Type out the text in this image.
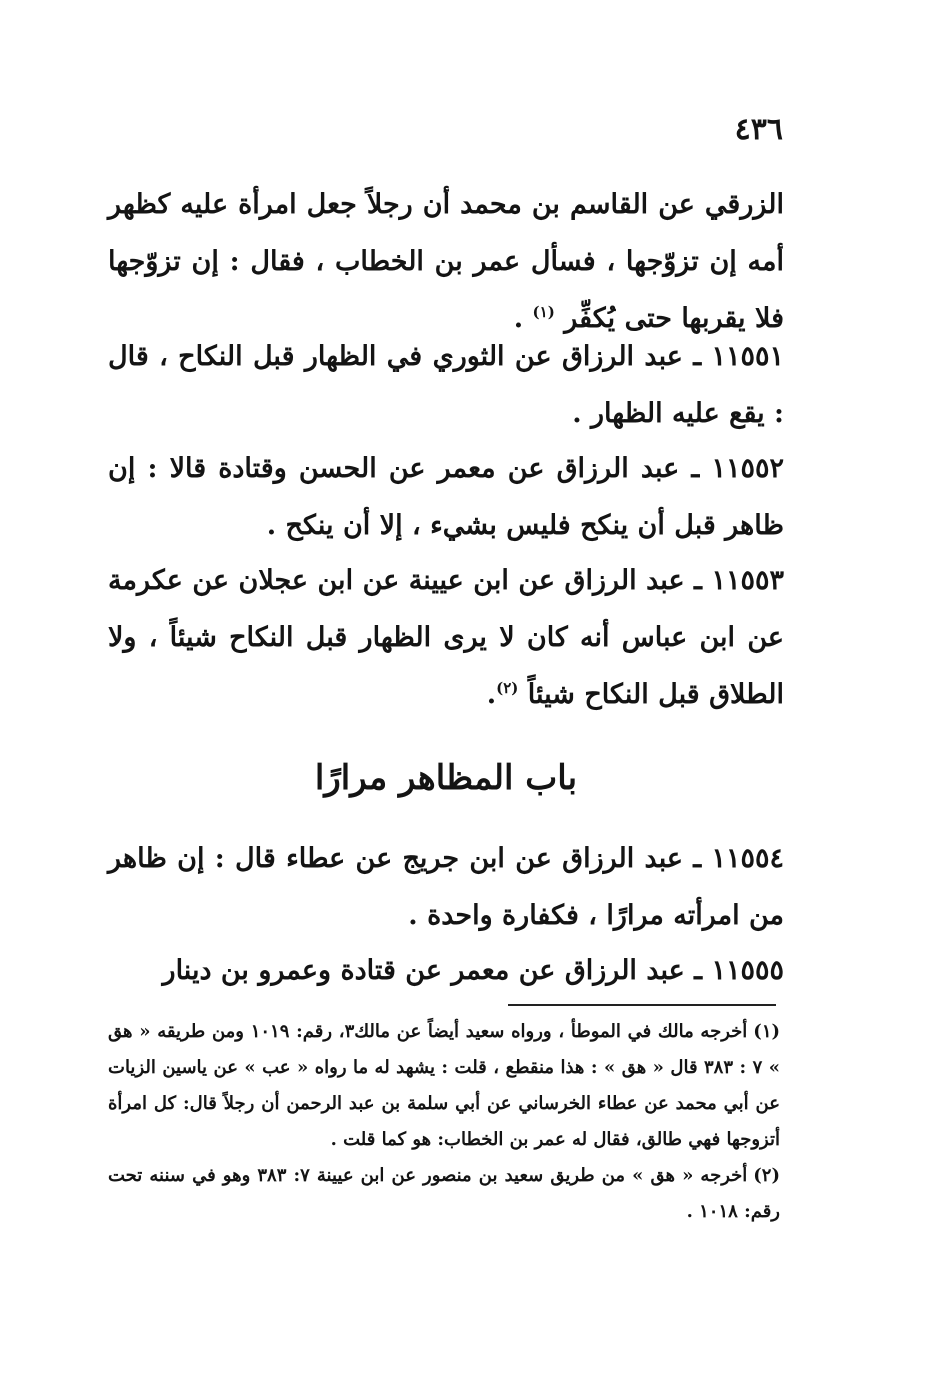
٤٣٦

الزرقي عن القاسم بن محمد أن رجلاً جعل امرأة عليه كظهر أمه إن تزوّجها ، فسأل عمر بن الخطاب ، فقال : إن تزوّجها فلا يقربها حتى يُكفِّر $^{(١)}$ .

١١٥٥١ ـ عبد الرزاق عن الثوري في الظهار قبل النكاح ، قال : يقع عليه الظهار .

١١٥٥٢ ـ عبد الرزاق عن معمر عن الحسن وقتادة قالا : إن ظاهر قبل أن ينكح فليس بشيء ، إلا أن ينكح .

١١٥٥٣ ـ عبد الرزاق عن ابن عيينة عن ابن عجلان عن عكرمة عن ابن عباس أنه كان لا يرى الظهار قبل النكاح شيئاً ، ولا الطلاق قبل النكاح شيئاً $^{(٢)}$.

باب المظاهر مرارًا

١١٥٥٤ ـ عبد الرزاق عن ابن جريج عن عطاء قال : إن ظاهر من امرأته مرارًا ، فكفارة واحدة .

١١٥٥٥ ـ عبد الرزاق عن معمر عن قتادة وعمرو بن دينار

(١)أخرجه مالك في الموطأ ، ورواه سعيد أيضاً عن مالك٣، رقم: ١٠١٩ ومن طريقه « هق » ٧ : ٣٨٣ قال « هق » : هذا منقطع ، قلت : يشهد له ما رواه « عب » عن ياسين الزيات عن أبي محمد عن عطاء الخرساني عن أبي سلمة بن عبد الرحمن أن رجلاً قال: كل امرأة أتزوجها فهي طالق، فقال له عمر بن الخطاب: هو كما قلت .

(٢)أخرجه « هق » من طريق سعيد بن منصور عن ابن عيينة ٧: ٣٨٣ وهو في سننه تحت رقم: ١٠١٨ .
